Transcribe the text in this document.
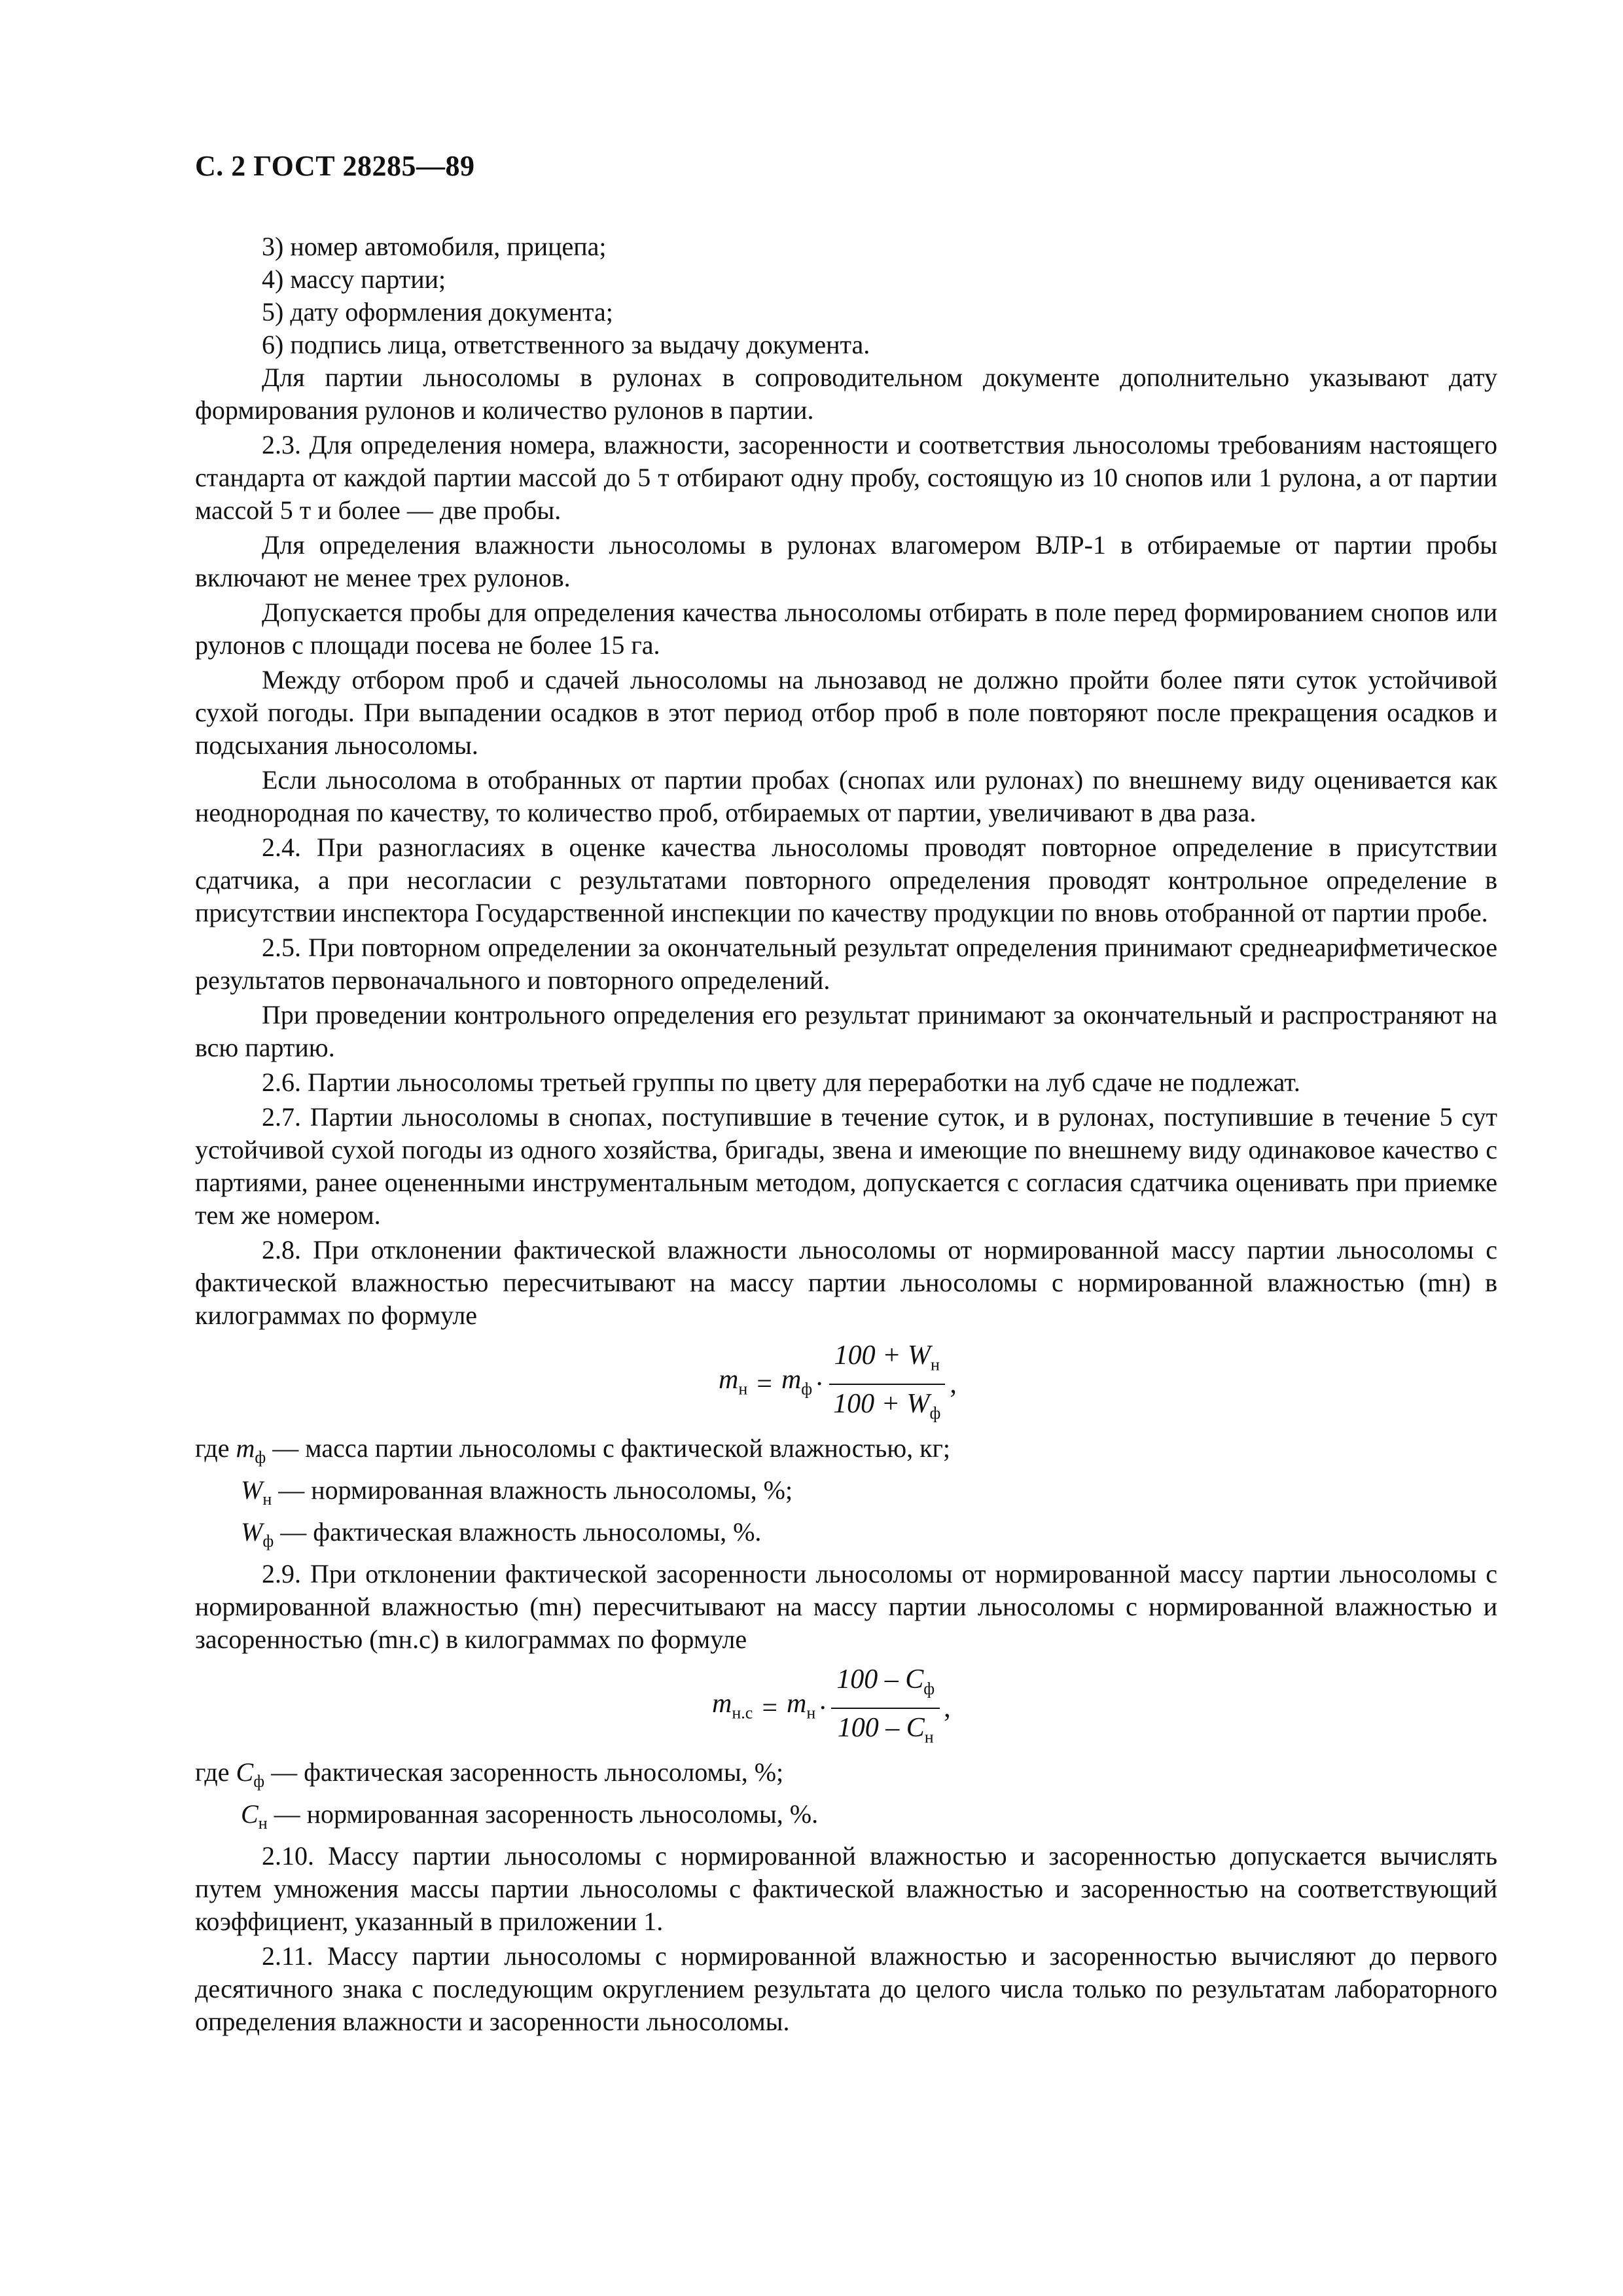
С. 2 ГОСТ 28285—89
3) номер автомобиля, прицепа;
4) массу партии;
5) дату оформления документа;
6) подпись лица, ответственного за выдачу документа.

Для партии льносоломы в рулонах в сопроводительном документе дополнительно указывают дату формирования рулонов и количество рулонов в партии.

2.3. Для определения номера, влажности, засоренности и соответствия льносоломы требованиям настоящего стандарта от каждой партии массой до 5 т отбирают одну пробу, состоящую из 10 снопов или 1 рулона, а от партии массой 5 т и более — две пробы.

Для определения влажности льносоломы в рулонах влагомером ВЛР-1 в отбираемые от партии пробы включают не менее трех рулонов.

Допускается пробы для определения качества льносоломы отбирать в поле перед формированием снопов или рулонов с площади посева не более 15 га.

Между отбором проб и сдачей льносоломы на льнозавод не должно пройти более пяти суток устойчивой сухой погоды. При выпадении осадков в этот период отбор проб в поле повторяют после прекращения осадков и подсыхания льносоломы.

Если льносолома в отобранных от партии пробах (снопах или рулонах) по внешнему виду оценивается как неоднородная по качеству, то количество проб, отбираемых от партии, увеличивают в два раза.

2.4. При разногласиях в оценке качества льносоломы проводят повторное определение в присутствии сдатчика, а при несогласии с результатами повторного определения проводят контрольное определение в присутствии инспектора Государственной инспекции по качеству продукции по вновь отобранной от партии пробе.

2.5. При повторном определении за окончательный результат определения принимают среднеарифметическое результатов первоначального и повторного определений.

При проведении контрольного определения его результат принимают за окончательный и распространяют на всю партию.

2.6. Партии льносоломы третьей группы по цвету для переработки на луб сдаче не подлежат.

2.7. Партии льносоломы в снопах, поступившие в течение суток, и в рулонах, поступившие в течение 5 сут устойчивой сухой погоды из одного хозяйства, бригады, звена и имеющие по внешнему виду одинаковое качество с партиями, ранее оцененными инструментальным методом, допускается с согласия сдатчика оценивать при приемке тем же номером.

2.8. При отклонении фактической влажности льносоломы от нормированной массу партии льносоломы с фактической влажностью пересчитывают на массу партии льносоломы с нормированной влажностью (mн) в килограммах по формуле

$m_н = m_ф \cdot \frac{100 + W_н}{100 + W_ф}$ ,
где $m_ф$ — масса партии льносоломы с фактической влажностью, кг;
$W_н$ — нормированная влажность льносоломы, %;
$W_ф$ — фактическая влажность льносоломы, %.

2.9. При отклонении фактической засоренности льносоломы от нормированной массу партии льносоломы с нормированной влажностью (mн) пересчитывают на массу партии льносоломы с нормированной влажностью и засоренностью (mн.с) в килограммах по формуле

$m_{н.с} = m_н \cdot \frac{100 - C_ф}{100 - C_н}$ ,
где $C_ф$ — фактическая засоренность льносоломы, %;
$C_н$ — нормированная засоренность льносоломы, %.

2.10. Массу партии льносоломы с нормированной влажностью и засоренностью допускается вычислять путем умножения массы партии льносоломы с фактической влажностью и засоренностью на соответствующий коэффициент, указанный в приложении 1.

2.11. Массу партии льносоломы с нормированной влажностью и засоренностью вычисляют до первого десятичного знака с последующим округлением результата до целого числа только по результатам лабораторного определения влажности и засоренности льносоломы.
